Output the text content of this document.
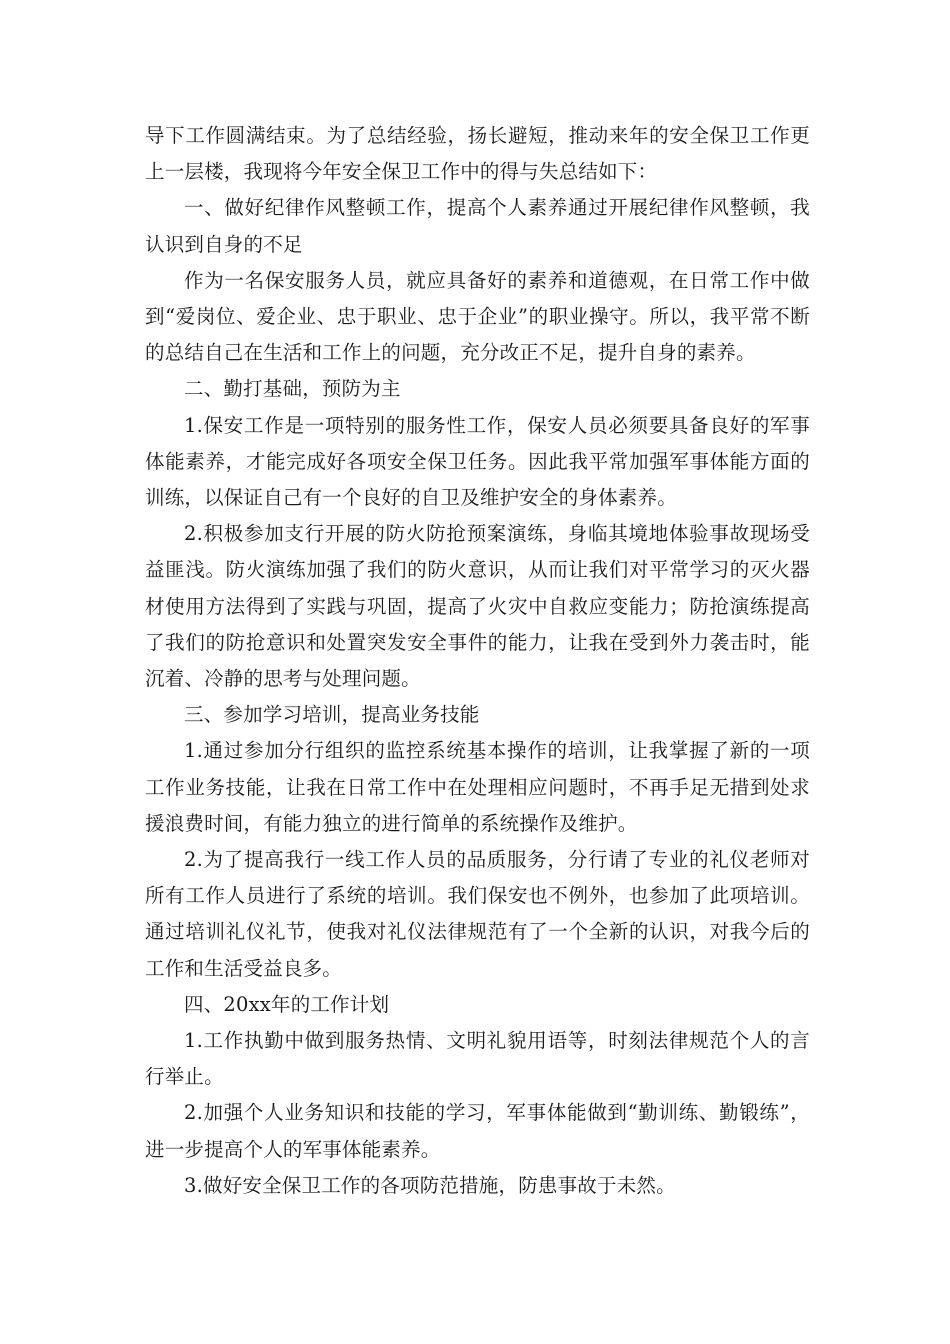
导下工作圆满结束。为了总结经验，扬长避短，推动来年的安全保卫工作更上一层楼，我现将今年安全保卫工作中的得与失总结如下：

一、做好纪律作风整顿工作，提高个人素养通过开展纪律作风整顿，我认识到自身的不足

作为一名保安服务人员，就应具备好的素养和道德观，在日常工作中做到“爱岗位、爱企业、忠于职业、忠于企业”的职业操守。所以，我平常不断的总结自己在生活和工作上的问题，充分改正不足，提升自身的素养。

二、勤打基础，预防为主

1.保安工作是一项特别的服务性工作，保安人员必须要具备良好的军事体能素养，才能完成好各项安全保卫任务。因此我平常加强军事体能方面的训练，以保证自己有一个良好的自卫及维护安全的身体素养。

2.积极参加支行开展的防火防抢预案演练，身临其境地体验事故现场受益匪浅。防火演练加强了我们的防火意识，从而让我们对平常学习的灭火器材使用方法得到了实践与巩固，提高了火灾中自救应变能力；防抢演练提高了我们的防抢意识和处置突发安全事件的能力，让我在受到外力袭击时，能沉着、冷静的思考与处理问题。

三、参加学习培训，提高业务技能

1.通过参加分行组织的监控系统基本操作的培训，让我掌握了新的一项工作业务技能，让我在日常工作中在处理相应问题时，不再手足无措到处求援浪费时间，有能力独立的进行简单的系统操作及维护。

2.为了提高我行一线工作人员的品质服务，分行请了专业的礼仪老师对所有工作人员进行了系统的培训。我们保安也不例外，也参加了此项培训。通过培训礼仪礼节，使我对礼仪法律规范有了一个全新的认识，对我今后的工作和生活受益良多。

四、20xx年的工作计划

1.工作执勤中做到服务热情、文明礼貌用语等，时刻法律规范个人的言行举止。

2.加强个人业务知识和技能的学习，军事体能做到“勤训练、勤锻练”，进一步提高个人的军事体能素养。

3.做好安全保卫工作的各项防范措施，防患事故于未然。
